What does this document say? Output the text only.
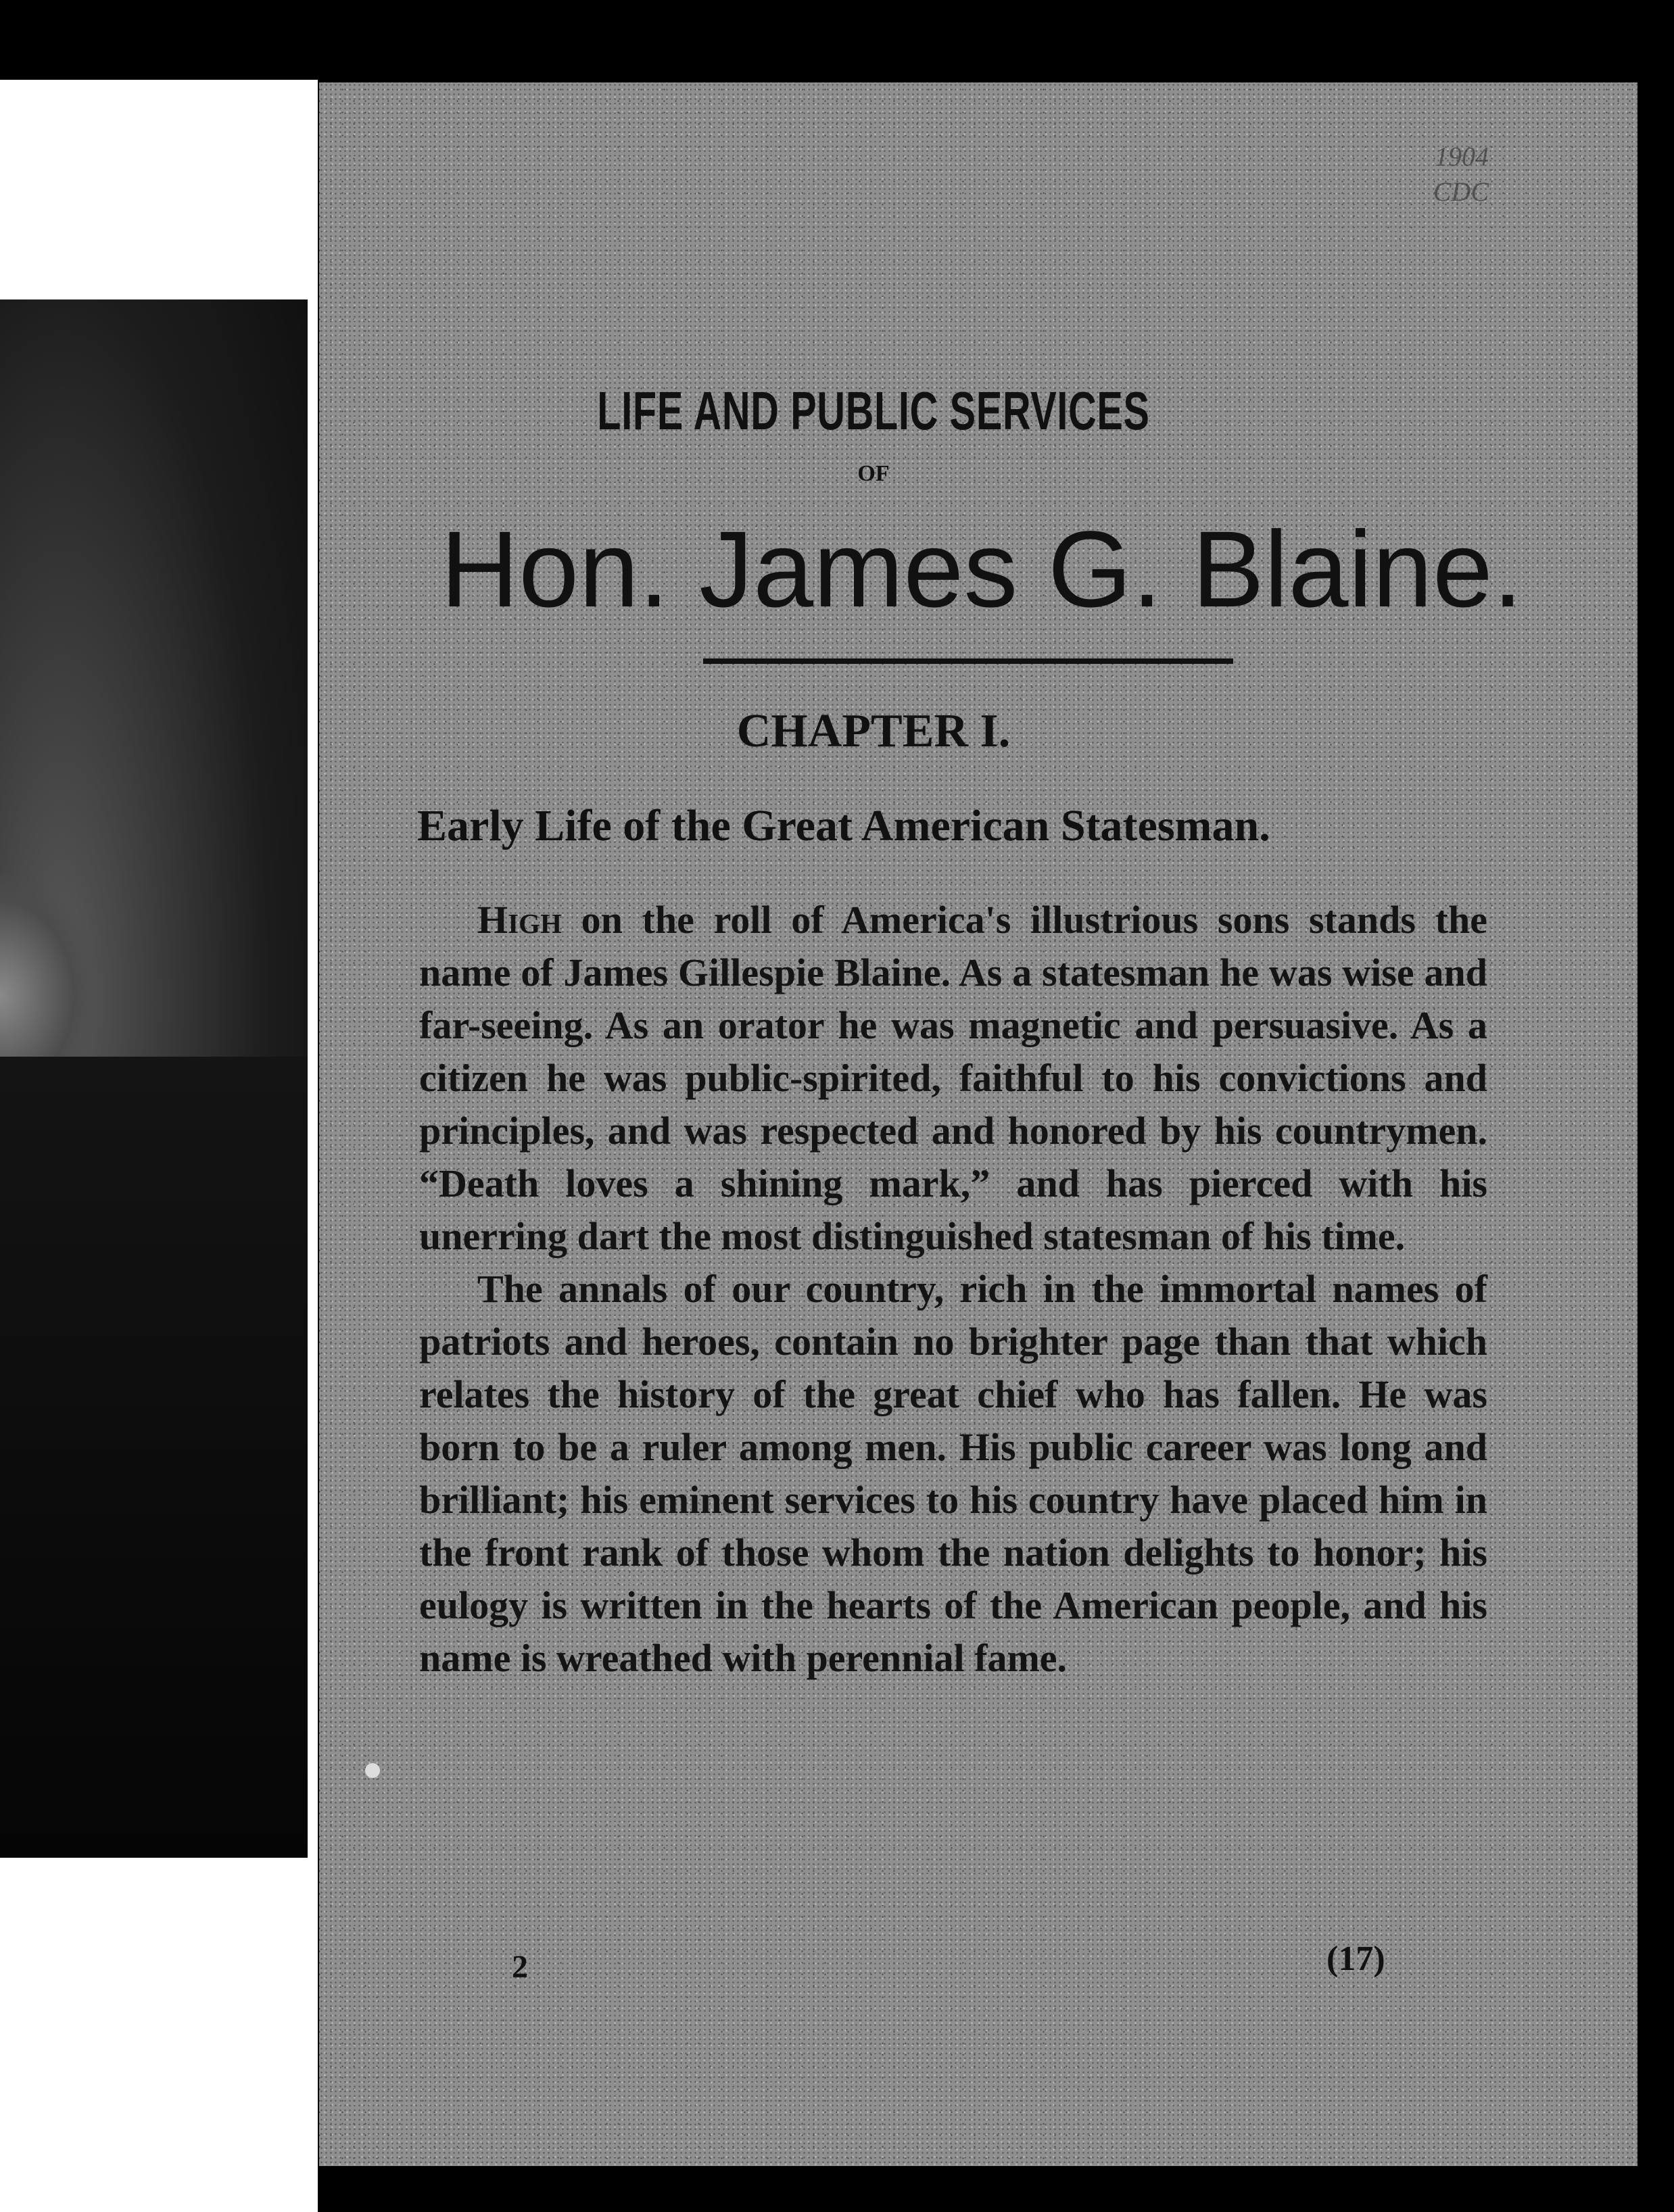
1904
CDC
LIFE AND PUBLIC SERVICES
OF
Hon. James G. Blaine.
CHAPTER I.
Early Life of the Great American Statesman.

High on the roll of America's illustrious sons stands the name of James Gillespie Blaine. As a statesman he was wise and far-seeing. As an orator he was magnetic and persuasive. As a citizen he was public-spirited, faithful to his convictions and principles, and was respected and honored by his countrymen. “Death loves a shining mark,” and has pierced with his unerring dart the most distinguished statesman of his time.

The annals of our country, rich in the immortal names of patriots and heroes, contain no brighter page than that which relates the history of the great chief who has fallen. He was born to be a ruler among men. His public career was long and brilliant; his eminent services to his country have placed him in the front rank of those whom the nation delights to honor; his eulogy is written in the hearts of the American people, and his name is wreathed with perennial fame.

2	(17)
